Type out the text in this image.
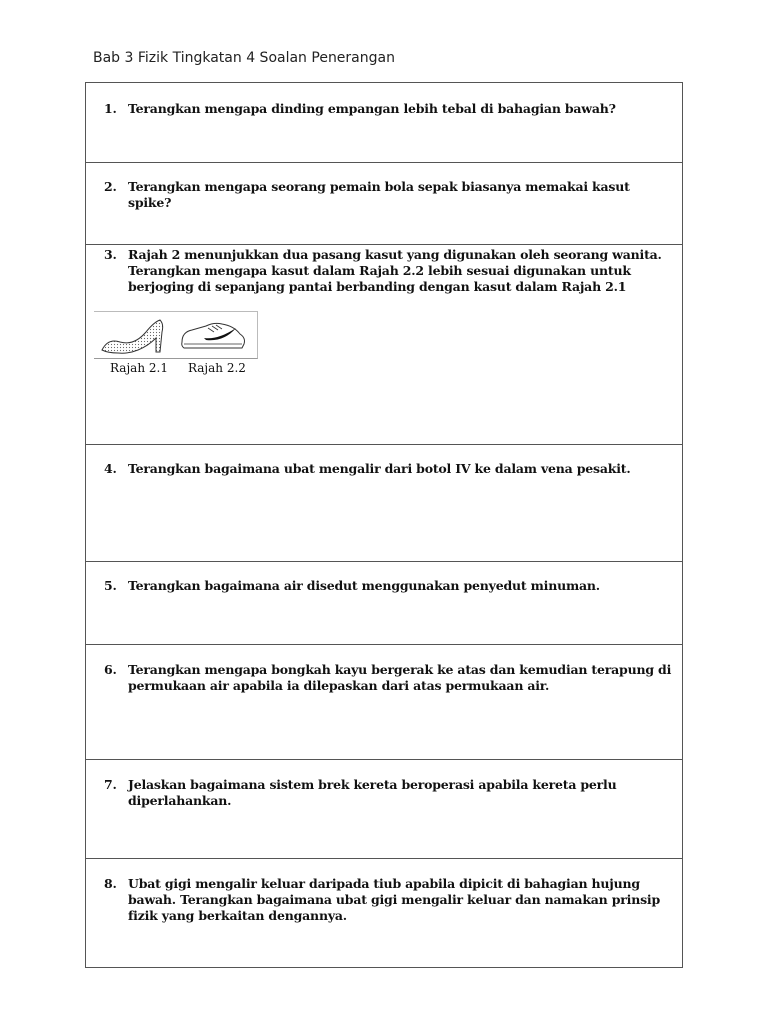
Bab 3 Fizik Tingkatan 4 Soalan Penerangan
1. Terangkan mengapa dinding empangan lebih tebal di bahagian bawah?
2. Terangkan mengapa seorang pemain bola sepak biasanya memakai kasut spike?
3. Rajah 2 menunjukkan dua pasang kasut yang digunakan oleh seorang wanita. Terangkan mengapa kasut dalam Rajah 2.2 lebih sesuai digunakan untuk berjoging di sepanjang pantai berbanding dengan kasut dalam Rajah 2.1
Rajah 2.1 Rajah 2.2
4. Terangkan bagaimana ubat mengalir dari botol IV ke dalam vena pesakit.
5. Terangkan bagaimana air disedut menggunakan penyedut minuman.
6. Terangkan mengapa bongkah kayu bergerak ke atas dan kemudian terapung di permukaan air apabila ia dilepaskan dari atas permukaan air.
7. Jelaskan bagaimana sistem brek kereta beroperasi apabila kereta perlu diperlahankan.
8. Ubat gigi mengalir keluar daripada tiub apabila dipicit di bahagian hujung bawah. Terangkan bagaimana ubat gigi mengalir keluar dan namakan prinsip fizik yang berkaitan dengannya.
